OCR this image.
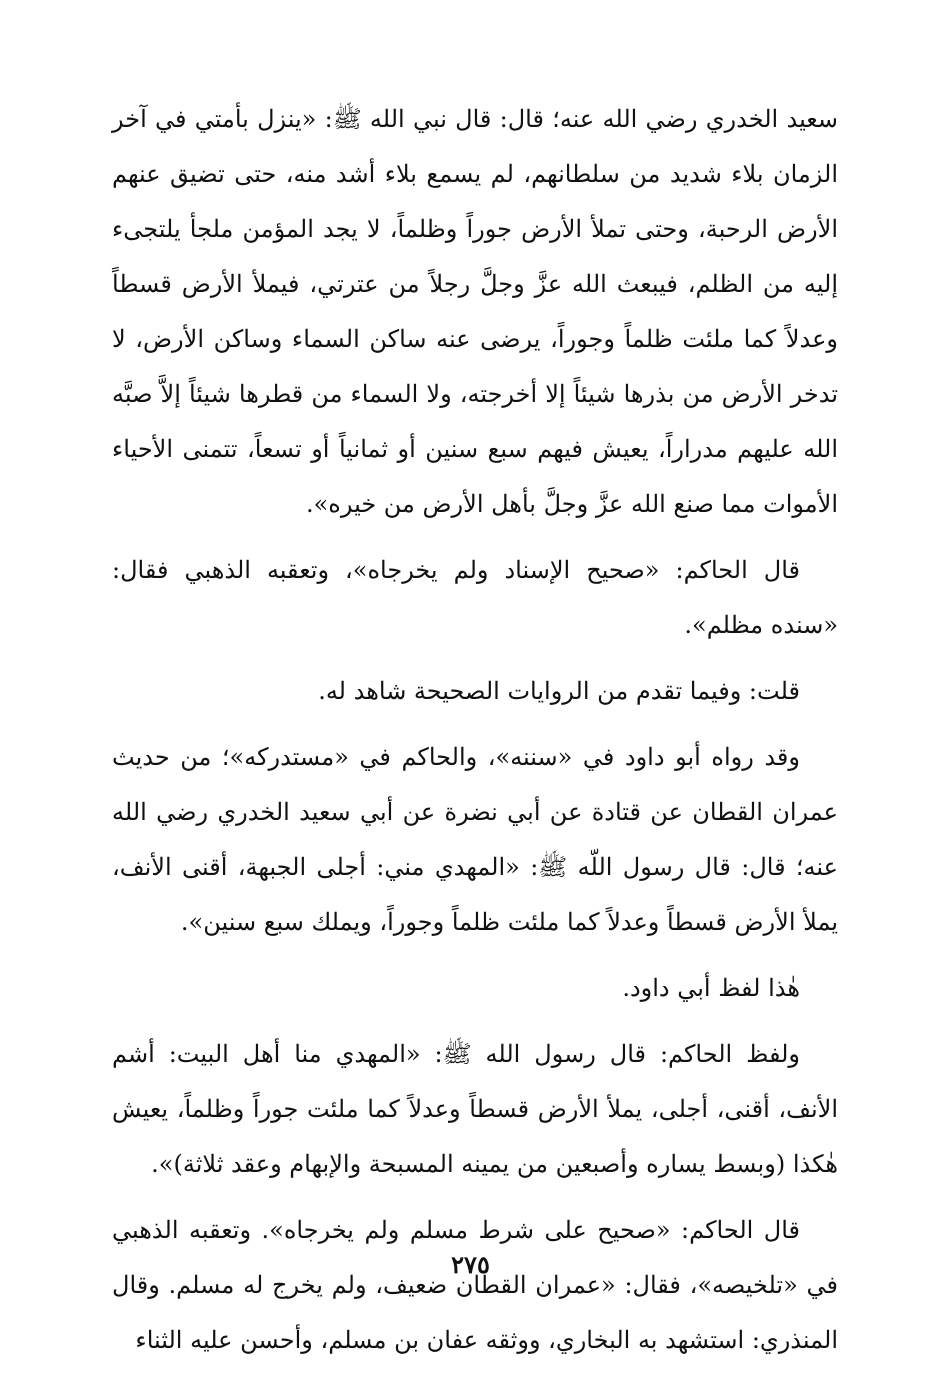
سعيد الخدري رضي الله عنه؛ قال: قال نبي الله ﷺ: «ينزل بأمتي في آخر الزمان بلاء شديد من سلطانهم، لم يسمع بلاء أشد منه، حتى تضيق عنهم الأرض الرحبة، وحتى تملأ الأرض جوراً وظلماً، لا يجد المؤمن ملجأ يلتجىء إليه من الظلم، فيبعث الله عزَّ وجلَّ رجلاً من عترتي، فيملأ الأرض قسطاً وعدلاً كما ملئت ظلماً وجوراً، يرضى عنه ساكن السماء وساكن الأرض، لا تدخر الأرض من بذرها شيئاً إلا أخرجته، ولا السماء من قطرها شيئاً إلاَّ صبَّه الله عليهم مدراراً، يعيش فيهم سبع سنين أو ثمانياً أو تسعاً، تتمنى الأحياء الأموات مما صنع الله عزَّ وجلَّ بأهل الأرض من خيره».

قال الحاكم: «صحيح الإسناد ولم يخرجاه»، وتعقبه الذهبي فقال: «سنده مظلم».

قلت: وفيما تقدم من الروايات الصحيحة شاهد له.

وقد رواه أبو داود في «سننه»، والحاكم في «مستدركه»؛ من حديث عمران القطان عن قتادة عن أبي نضرة عن أبي سعيد الخدري رضي الله عنه؛ قال: قال رسول اللّه ﷺ: «المهدي مني: أجلى الجبهة، أقنى الأنف، يملأ الأرض قسطاً وعدلاً كما ملئت ظلماً وجوراً، ويملك سبع سنين».

هٰذا لفظ أبي داود.

ولفظ الحاكم: قال رسول الله ﷺ: «المهدي منا أهل البيت: أشم الأنف، أقنى، أجلى، يملأ الأرض قسطاً وعدلاً كما ملئت جوراً وظلماً، يعيش هٰكذا (وبسط يساره وأصبعين من يمينه المسبحة والإبهام وعقد ثلاثة)».

قال الحاكم: «صحيح على شرط مسلم ولم يخرجاه». وتعقبه الذهبي في «تلخيصه»، فقال: «عمران القطان ضعيف، ولم يخرج له مسلم. وقال المنذري: استشهد به البخاري، ووثقه عفان بن مسلم، وأحسن عليه الثناء

٢٧٥
